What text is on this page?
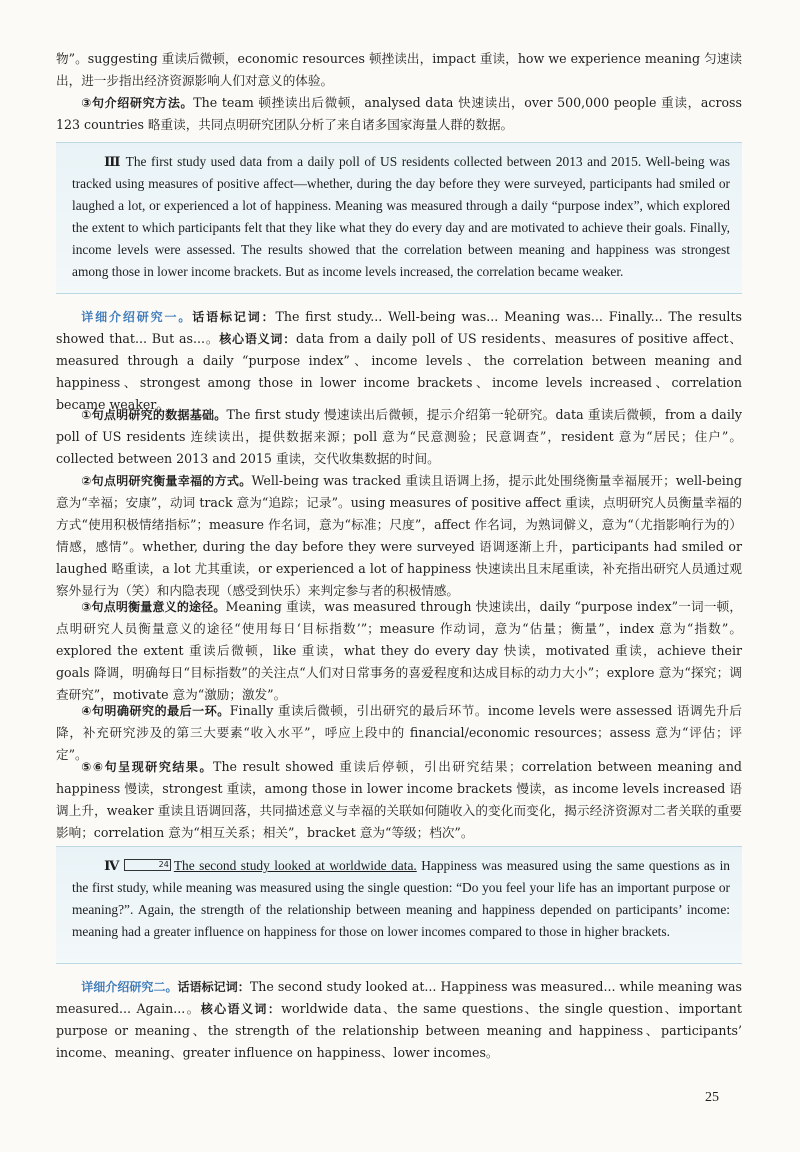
物”。suggesting 重读后微顿，economic resources 顿挫读出，impact 重读，how we experience meaning 匀速读出，进一步指出经济资源影响人们对意义的体验。

③句介绍研究方法。The team 顿挫读出后微顿，analysed data 快速读出，over 500,000 people 重读，across 123 countries 略重读，共同点明研究团队分析了来自诸多国家海量人群的数据。

Ⅲ The first study used data from a daily poll of US residents collected between 2013 and 2015. Well-being was tracked using measures of positive affect—whether, during the day before they were surveyed, participants had smiled or laughed a lot, or experienced a lot of happiness. Meaning was measured through a daily “purpose index”, which explored the extent to which participants felt that they like what they do every day and are motivated to achieve their goals. Finally, income levels were assessed. The results showed that the correlation between meaning and happiness was strongest among those in lower income brackets. But as income levels increased, the correlation became weaker.

详细介绍研究一。话语标记词：The first study... Well-being was... Meaning was... Finally... The results showed that... But as...。核心语义词：data from a daily poll of US residents、measures of positive affect、measured through a daily “purpose index”、income levels、the correlation between meaning and happiness、strongest among those in lower income brackets、income levels increased、correlation became weaker。

①句点明研究的数据基础。The first study 慢速读出后微顿，提示介绍第一轮研究。data 重读后微顿，from a daily poll of US residents 连续读出，提供数据来源；poll 意为“民意测验；民意调查”，resident 意为“居民；住户”。collected between 2013 and 2015 重读，交代收集数据的时间。

②句点明研究衡量幸福的方式。Well-being was tracked 重读且语调上扬，提示此处围绕衡量幸福展开；well-being 意为“幸福；安康”，动词 track 意为“追踪；记录”。using measures of positive affect 重读，点明研究人员衡量幸福的方式“使用积极情绪指标”；measure 作名词，意为“标准；尺度”，affect 作名词，为熟词僻义，意为“（尤指影响行为的）情感，感情”。whether, during the day before they were surveyed 语调逐渐上升，participants had smiled or laughed 略重读，a lot 尤其重读，or experienced a lot of happiness 快速读出且末尾重读，补充指出研究人员通过观察外显行为（笑）和内隐表现（感受到快乐）来判定参与者的积极情感。

③句点明衡量意义的途径。Meaning 重读，was measured through 快速读出，daily “purpose index”一词一顿，点明研究人员衡量意义的途径“使用每日‘目标指数’”；measure 作动词，意为“估量；衡量”，index 意为“指数”。explored the extent 重读后微顿，like 重读，what they do every day 快读，motivated 重读，achieve their goals 降调，明确每日“目标指数”的关注点“人们对日常事务的喜爱程度和达成目标的动力大小”；explore 意为“探究；调查研究”，motivate 意为“激励；激发”。

④句明确研究的最后一环。Finally 重读后微顿，引出研究的最后环节。income levels were assessed 语调先升后降，补充研究涉及的第三大要素“收入水平”，呼应上段中的 financial/economic resources；assess 意为“评估；评定”。

⑤⑥句呈现研究结果。The result showed 重读后停顿，引出研究结果；correlation between meaning and happiness 慢读，strongest 重读，among those in lower income brackets 慢读，as income levels increased 语调上升，weaker 重读且语调回落，共同描述意义与幸福的关联如何随收入的变化而变化，揭示经济资源对二者关联的重要影响；correlation 意为“相互关系；相关”，bracket 意为“等级；档次”。

Ⅳ	24 The second study looked at worldwide data. Happiness was measured using the same questions as in the first study, while meaning was measured using the single question: “Do you feel your life has an important purpose or meaning?”. Again, the strength of the relationship between meaning and happiness depended on participants’ income: meaning had a greater influence on happiness for those on lower incomes compared to those in higher brackets.

详细介绍研究二。话语标记词：The second study looked at... Happiness was measured... while meaning was measured... Again...。核心语义词：worldwide data、the same questions、the single question、important purpose or meaning、the strength of the relationship between meaning and happiness、participants’ income、meaning、greater influence on happiness、lower incomes。

25
